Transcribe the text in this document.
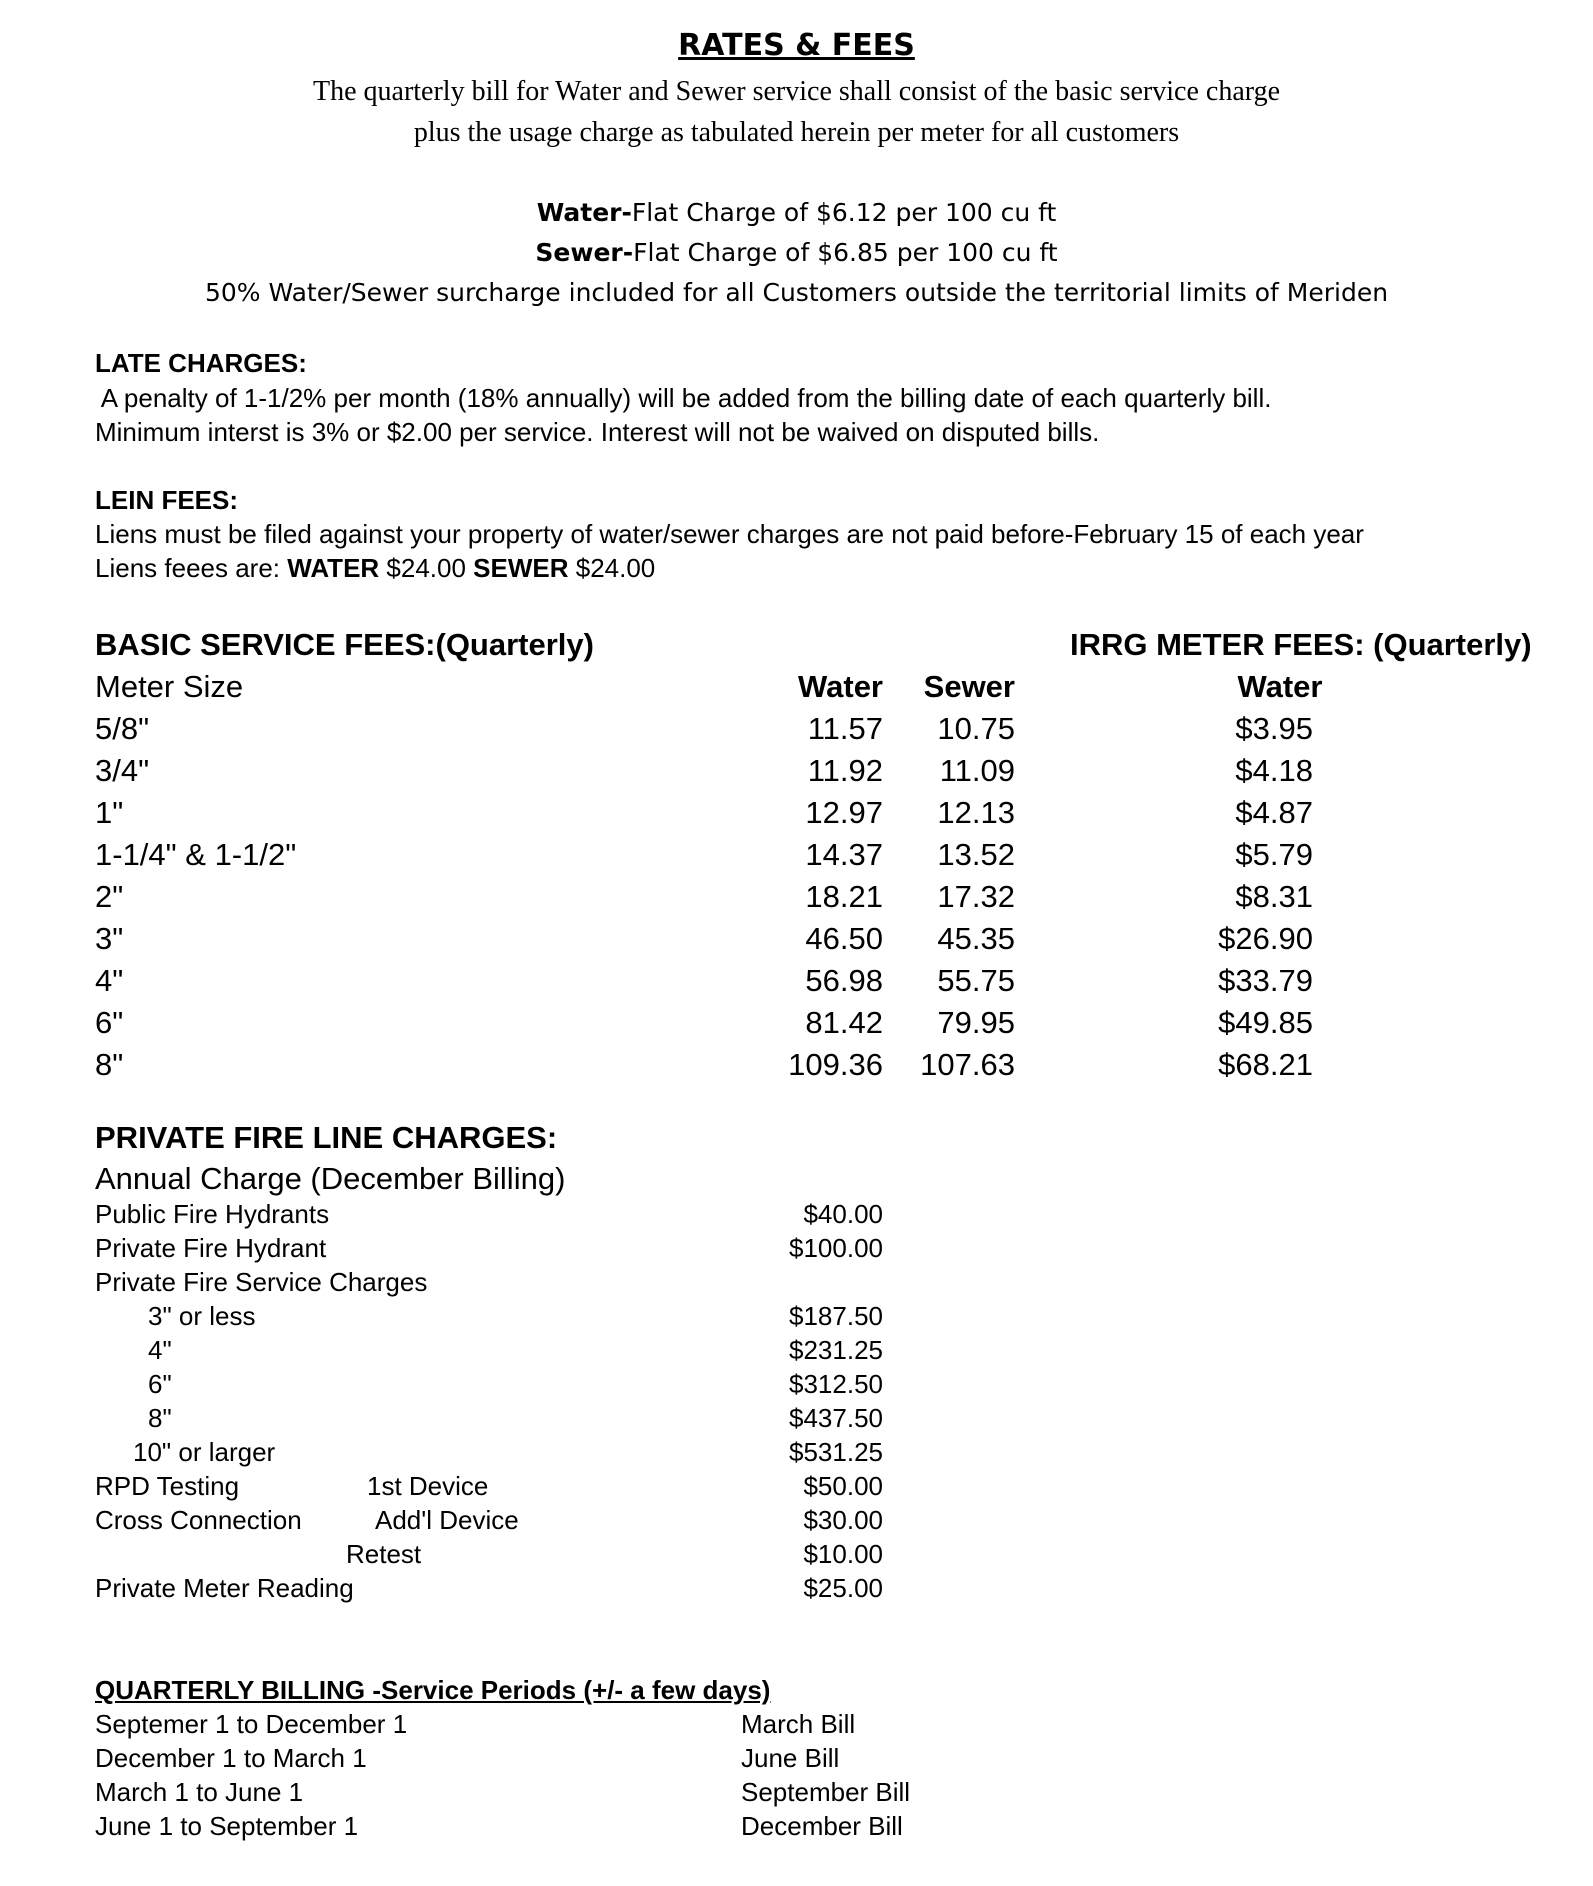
RATES & FEES
The quarterly bill for Water and Sewer service shall consist of the basic service charge
plus the usage charge as tabulated herein per meter for all customers
Water-Flat Charge of $6.12 per 100 cu ft
Sewer-Flat Charge of $6.85 per 100 cu ft
50% Water/Sewer surcharge included for all Customers outside the territorial limits of Meriden
LATE CHARGES:
A penalty of 1-1/2% per month (18% annually) will be added from the billing date of each quarterly bill.
Minimum interst is 3% or $2.00 per service. Interest will not be waived on disputed bills.
LEIN FEES:
Liens must be filed against your property of water/sewer charges are not paid before-February 15 of each year
Liens feees are: WATER $24.00 SEWER $24.00
BASIC SERVICE FEES:(Quarterly)	IRRG METER FEES: (Quarterly)
Meter Size	Water	Sewer	Water
5/8"	11.57	10.75	$3.95
3/4"	11.92	11.09	$4.18
1"	12.97	12.13	$4.87
1-1/4" & 1-1/2"	14.37	13.52	$5.79
2"	18.21	17.32	$8.31
3"	46.50	45.35	$26.90
4"	56.98	55.75	$33.79
6"	81.42	79.95	$49.85
8"	109.36	107.63	$68.21
PRIVATE FIRE LINE CHARGES:
Annual Charge (December Billing)
Public Fire Hydrants	$40.00
Private Fire Hydrant	$100.00
Private Fire Service Charges
3" or less	$187.50
4"	$231.25
6"	$312.50
8"	$437.50
10" or larger	$531.25
RPD Testing	1st Device	$50.00
Cross Connection	Add'l Device	$30.00
Retest	$10.00
Private Meter Reading	$25.00
QUARTERLY BILLING -Service Periods (+/- a few days)
Septemer 1 to December 1	March Bill
December 1 to March 1	June Bill
March 1 to June 1	September Bill
June 1 to September 1	December Bill
